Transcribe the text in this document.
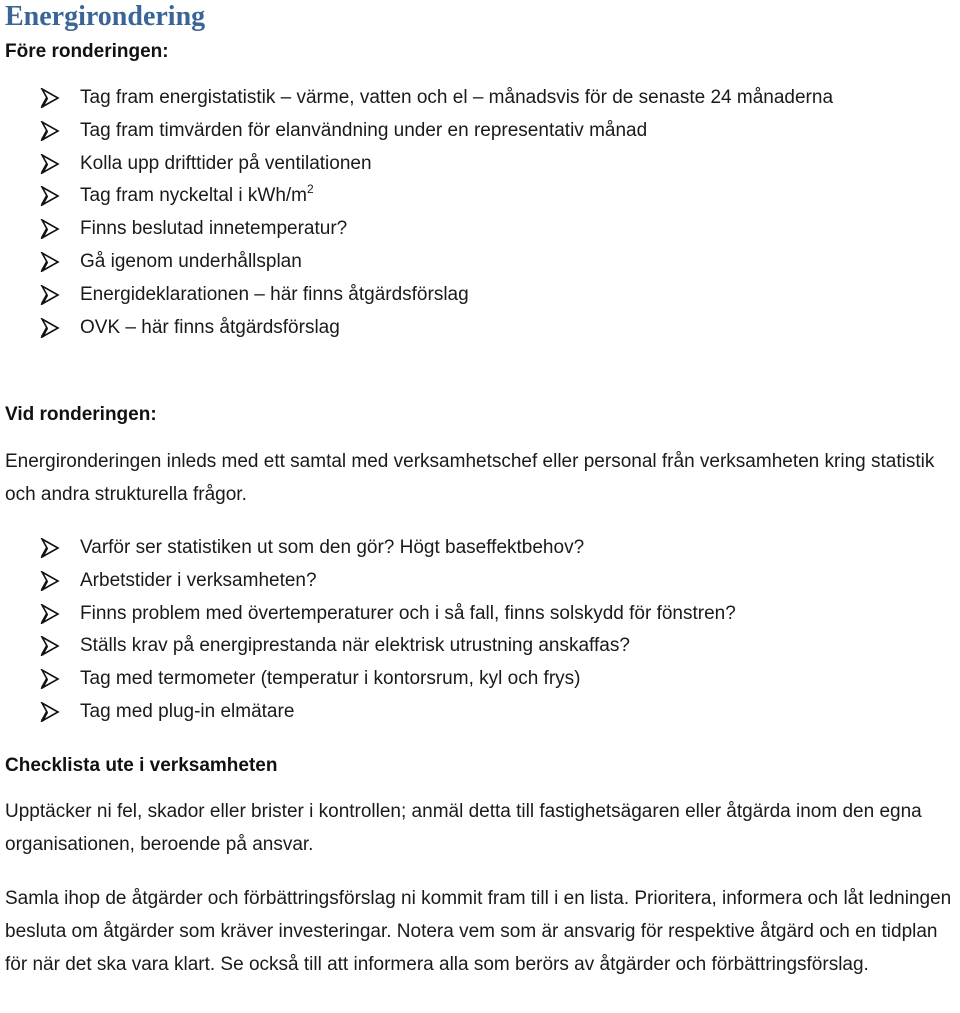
Energirondering
Före ronderingen:
Tag fram energistatistik – värme, vatten och el – månadsvis för de senaste 24 månaderna
Tag fram timvärden för elanvändning under en representativ månad
Kolla upp drifttider på ventilationen
Tag fram nyckeltal i kWh/$m^2$
Finns beslutad innetemperatur?
Gå igenom underhållsplan
Energideklarationen – här finns åtgärdsförslag
OVK – här finns åtgärdsförslag
Vid ronderingen:

Energironderingen inleds med ett samtal med verksamhetschef eller personal från verksamheten kring statistik och andra strukturella frågor.

Varför ser statistiken ut som den gör? Högt baseffektbehov?
Arbetstider i verksamheten?
Finns problem med övertemperaturer och i så fall, finns solskydd för fönstren?
Ställs krav på energiprestanda när elektrisk utrustning anskaffas?
Tag med termometer (temperatur i kontorsrum, kyl och frys)
Tag med plug-in elmätare
Checklista ute i verksamheten

Upptäcker ni fel, skador eller brister i kontrollen; anmäl detta till fastighetsägaren eller åtgärda inom den egna organisationen, beroende på ansvar.

Samla ihop de åtgärder och förbättringsförslag ni kommit fram till i en lista. Prioritera, informera och låt ledningen besluta om åtgärder som kräver investeringar. Notera vem som är ansvarig för respektive åtgärd och en tidplan för när det ska vara klart. Se också till att informera alla som berörs av åtgärder och förbättringsförslag.
